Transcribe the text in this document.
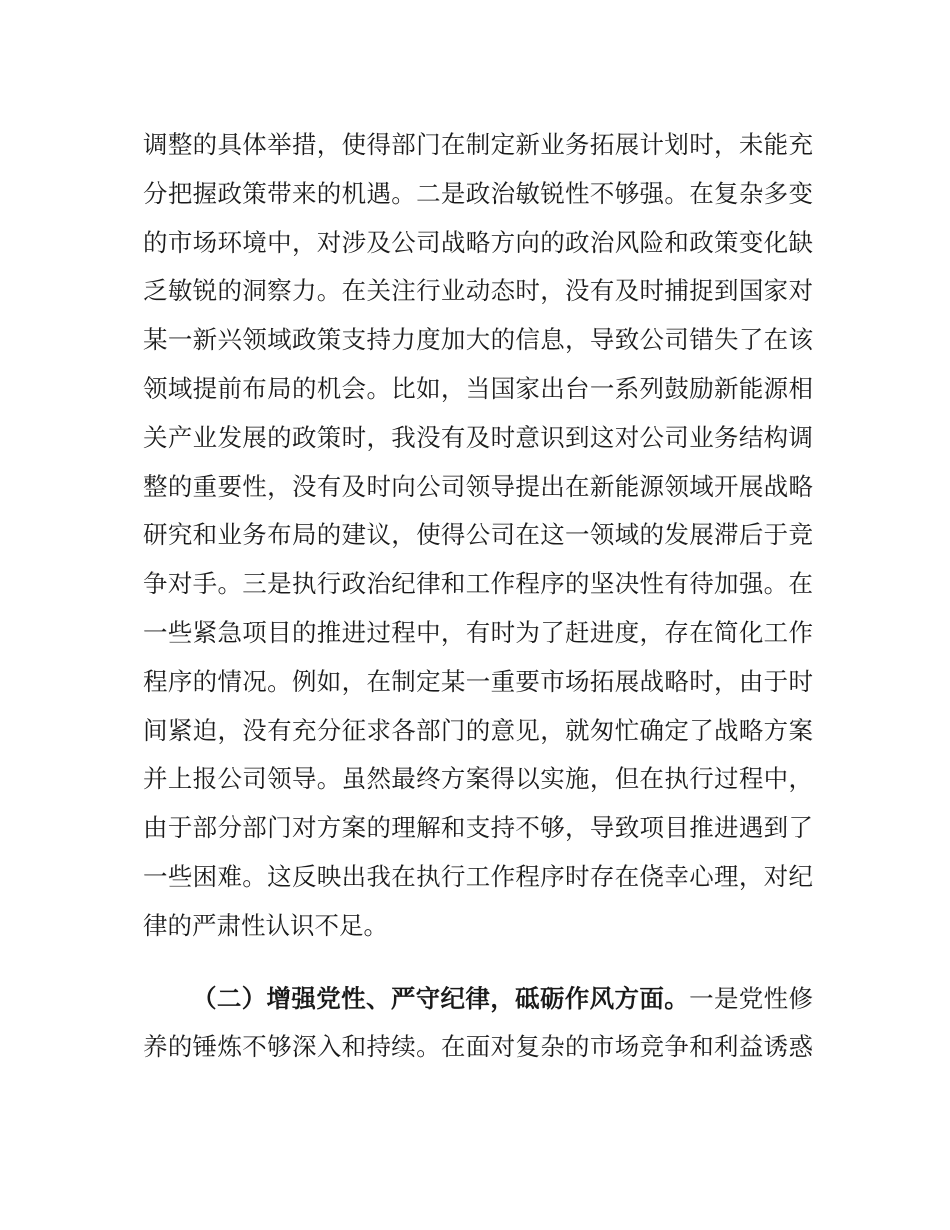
调整的具体举措，使得部门在制定新业务拓展计划时，未能充
分把握政策带来的机遇。二是政治敏锐性不够强。在复杂多变
的市场环境中，对涉及公司战略方向的政治风险和政策变化缺
乏敏锐的洞察力。在关注行业动态时，没有及时捕捉到国家对
某一新兴领域政策支持力度加大的信息，导致公司错失了在该
领域提前布局的机会。比如，当国家出台一系列鼓励新能源相
关产业发展的政策时，我没有及时意识到这对公司业务结构调
整的重要性，没有及时向公司领导提出在新能源领域开展战略
研究和业务布局的建议，使得公司在这一领域的发展滞后于竞
争对手。三是执行政治纪律和工作程序的坚决性有待加强。在
一些紧急项目的推进过程中，有时为了赶进度，存在简化工作
程序的情况。例如，在制定某一重要市场拓展战略时，由于时
间紧迫，没有充分征求各部门的意见，就匆忙确定了战略方案
并上报公司领导。虽然最终方案得以实施，但在执行过程中，
由于部分部门对方案的理解和支持不够，导致项目推进遇到了
一些困难。这反映出我在执行工作程序时存在侥幸心理，对纪
律的严肃性认识不足。
（二）增强党性、严守纪律，砥砺作风方面。一是党性修
养的锤炼不够深入和持续。在面对复杂的市场竞争和利益诱惑
